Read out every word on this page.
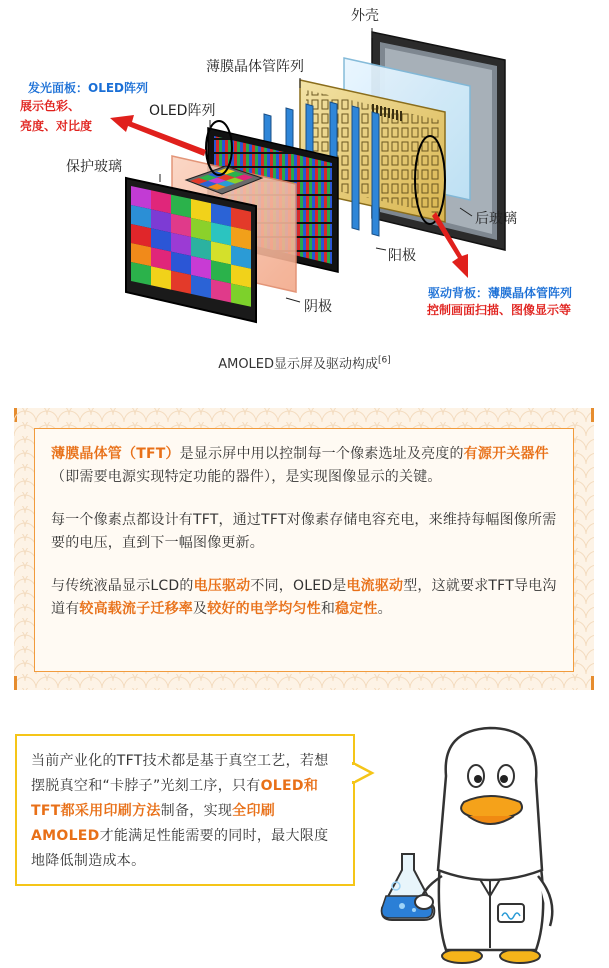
外壳
薄膜晶体管阵列
OLED阵列
保护玻璃
后玻璃
阳极
阴极
发光面板：OLED阵列
展示色彩、
亮度、对比度
驱动背板：薄膜晶体管阵列
控制画面扫描、图像显示等
AMOLED显示屏及驱动构成[6]

薄膜晶体管（TFT）是显示屏中用以控制每一个像素选址及亮度的有源开关器件（即需要电源实现特定功能的器件），是实现图像显示的关键。

每一个像素点都设计有TFT，通过TFT对像素存储电容充电，来维持每幅图像所需要的电压，直到下一幅图像更新。

与传统液晶显示LCD的电压驱动不同，OLED是电流驱动型，这就要求TFT导电沟道有较高载流子迁移率及较好的电学均匀性和稳定性。

当前产业化的TFT技术都是基于真空工艺，若想摆脱真空和“卡脖子”光刻工序，只有OLED和TFT都采用印刷方法制备，实现全印刷AMOLED才能满足性能需要的同时，最大限度地降低制造成本。
